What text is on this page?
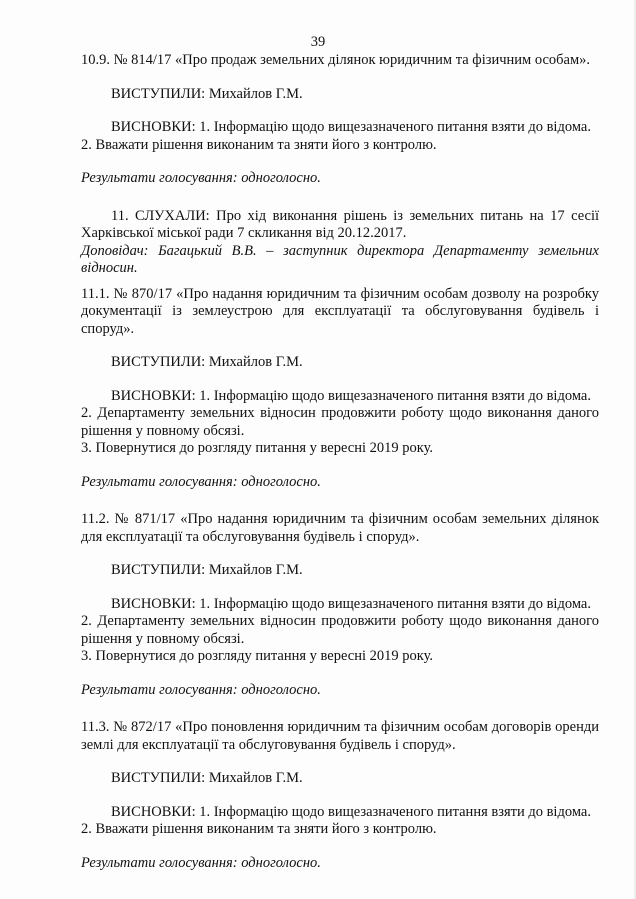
39

10.9. № 814/17 «Про продаж земельних ділянок юридичним та фізичним особам».

ВИСТУПИЛИ: Михайлов Г.М.

ВИСНОВКИ: 1. Інформацію щодо вищезазначеного питання взяти до відома.

2. Вважати рішення виконаним та зняти його з контролю.

Результати голосування: одноголосно.

11. СЛУХАЛИ: Про хід виконання рішень із земельних питань на 17 сесії Харківської міської ради 7 скликання від 20.12.2017.

Доповідач: Багацький В.В. – заступник директора Департаменту земельних відносин.

11.1. № 870/17 «Про надання юридичним та фізичним особам дозволу на розробку документації із землеустрою для експлуатації та обслуговування будівель і споруд».

ВИСТУПИЛИ: Михайлов Г.М.

ВИСНОВКИ: 1. Інформацію щодо вищезазначеного питання взяти до відома.

2. Департаменту земельних відносин продовжити роботу щодо виконання даного рішення у повному обсязі.

3. Повернутися до розгляду питання у вересні 2019 року.

Результати голосування: одноголосно.

11.2. № 871/17 «Про надання юридичним та фізичним особам земельних ділянок для експлуатації та обслуговування будівель і споруд».

ВИСТУПИЛИ: Михайлов Г.М.

ВИСНОВКИ: 1. Інформацію щодо вищезазначеного питання взяти до відома.

2. Департаменту земельних відносин продовжити роботу щодо виконання даного рішення у повному обсязі.

3. Повернутися до розгляду питання у вересні 2019 року.

Результати голосування: одноголосно.

11.3. № 872/17 «Про поновлення юридичним та фізичним особам договорів оренди землі для експлуатації та обслуговування будівель і споруд».

ВИСТУПИЛИ: Михайлов Г.М.

ВИСНОВКИ: 1. Інформацію щодо вищезазначеного питання взяти до відома.

2. Вважати рішення виконаним та зняти його з контролю.

Результати голосування: одноголосно.
